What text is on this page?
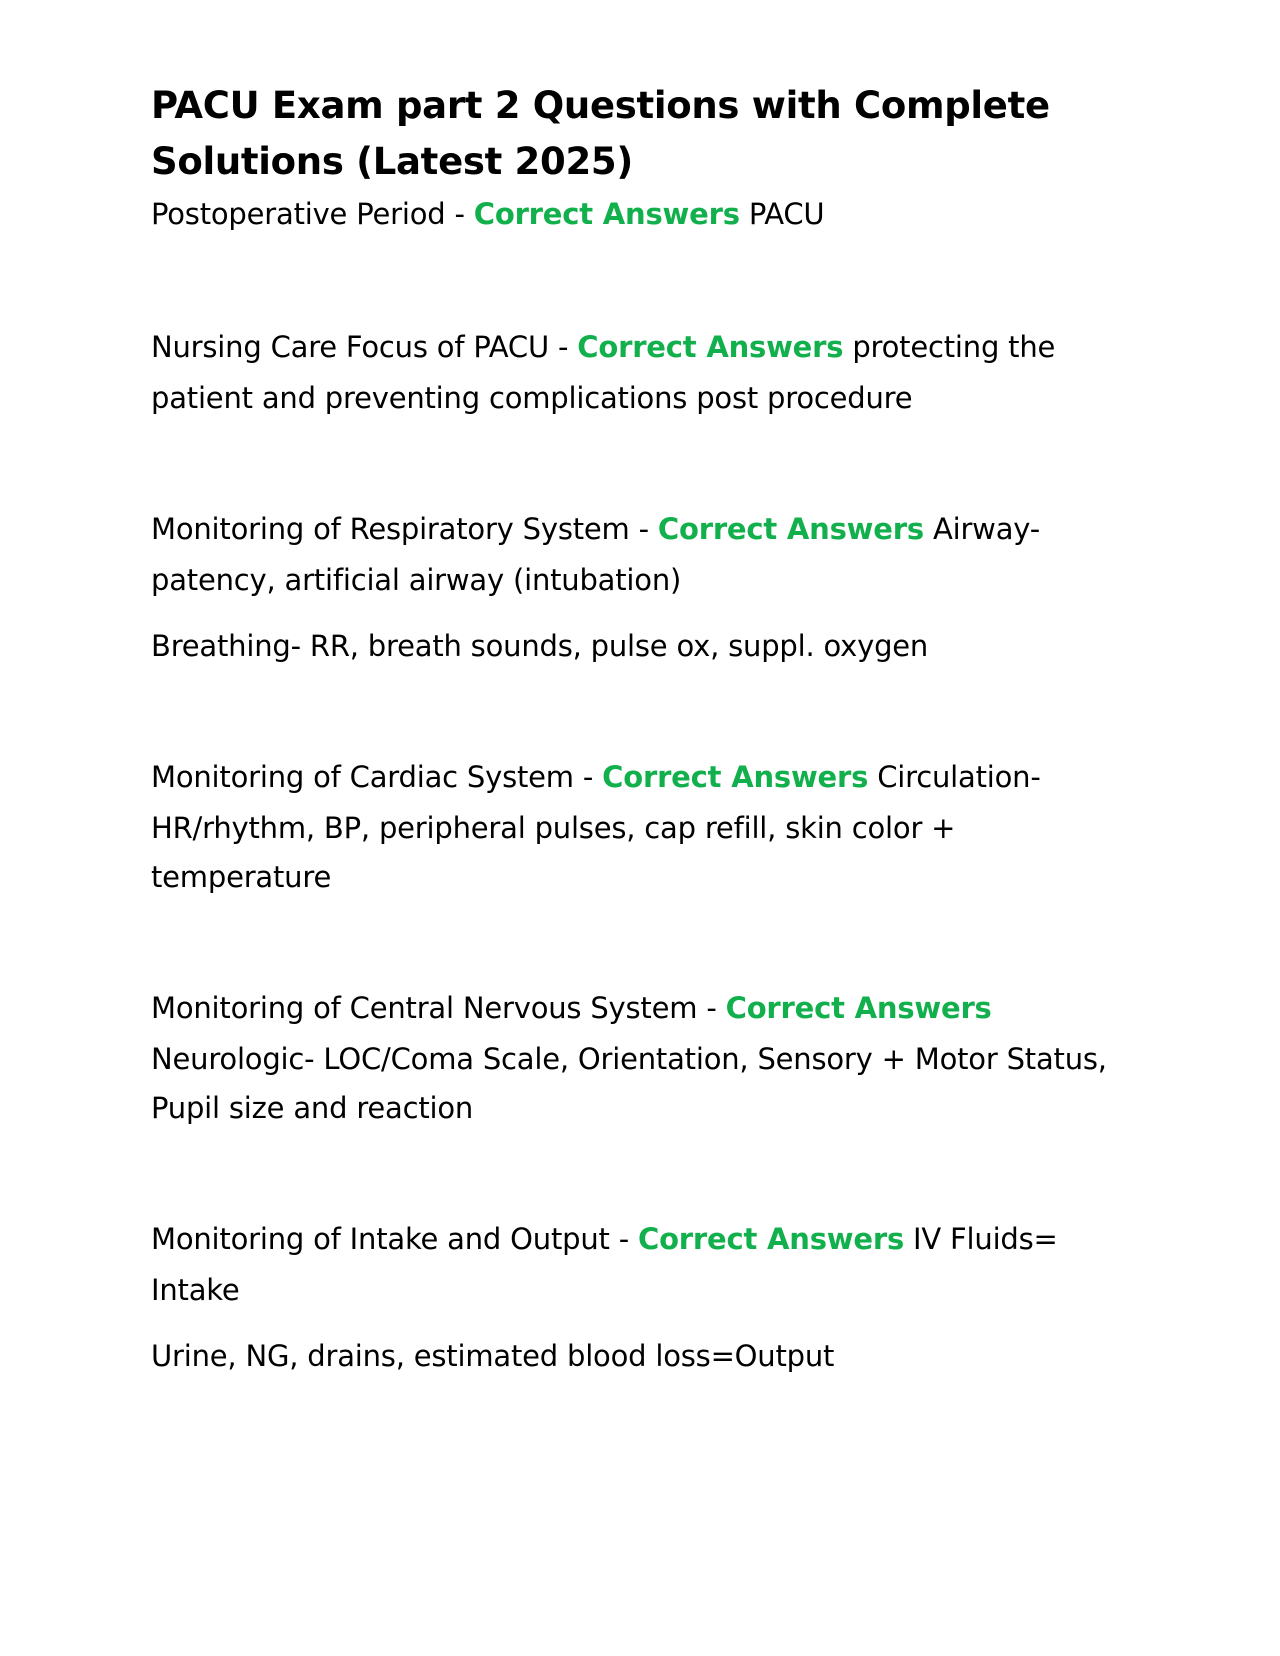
PACU Exam part 2 Questions with Complete Solutions (Latest 2025)

Postoperative Period - Correct Answers PACU

Nursing Care Focus of PACU - Correct Answers protecting the patient and preventing complications post procedure

Monitoring of Respiratory System - Correct Answers Airway- patency, artificial airway (intubation)

Breathing- RR, breath sounds, pulse ox, suppl. oxygen

Monitoring of Cardiac System - Correct Answers Circulation- HR/rhythm, BP, peripheral pulses, cap refill, skin color + temperature

Monitoring of Central Nervous System - Correct Answers Neurologic- LOC/Coma Scale, Orientation, Sensory + Motor Status, Pupil size and reaction

Monitoring of Intake and Output - Correct Answers IV Fluids= Intake

Urine, NG, drains, estimated blood loss=Output
